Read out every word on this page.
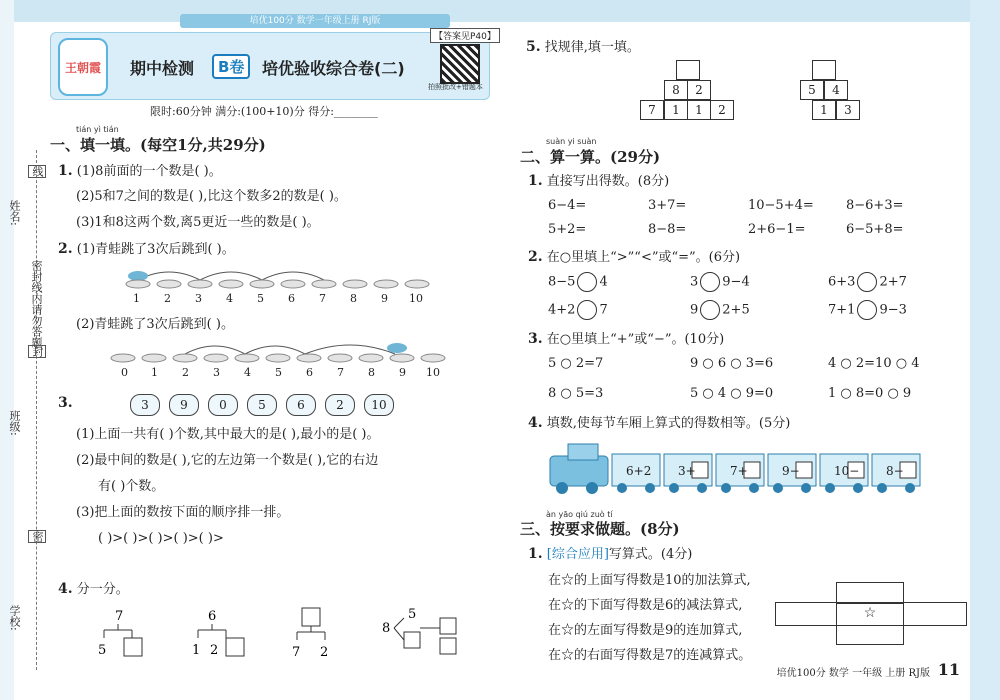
培优100分 数学一年级上册 RJ版
姓名:
班级:
学校:
线
密封线内请勿答题
封
密
王朝霞 期中检测	B卷	培优验收综合卷(二)
【答案见P40】
拍照批改+错题本
限时:60分钟 满分:(100+10)分 得分:________
tián yì tián
一、填一填。(每空1分,共29分)
1. (1)8前面的一个数是( )。
(2)5和7之间的数是( ),比这个数多2的数是( )。
(3)1和8这两个数,离5更近一些的数是( )。
2. (1)青蛙跳了3次后跳到( )。
1 2 3 4 5 6 7 8 9 10
(2)青蛙跳了3次后跳到( )。
0 1 2 3 4 5 6 7 8 9 10
3.	3	9	0	5	6	2	10
(1)上面一共有( )个数,其中最大的是( ),最小的是( )。
(2)最中间的数是( ),它的左边第一个数是( ),它的右边
有( )个数。
(3)把上面的数按下面的顺序排一排。
( )>( )>( )>( )>( )>
4. 分一分。
7
5
6
1 2	7 2
8
5
5. 找规律,填一填。
8	2
7	1	1	2
5	4
1	3
suàn yi suàn
二、算一算。(29分)
1. 直接写出得数。(8分)
6−4=	3+7=	10−5+4= 8−6+3=
5+2=	8−8=	2+6−1=	6−5+8=
2. 在○里填上“>”“<”或“=”。(6分)
8−5 4	3 9−4	6+3 2+7
4+2 7	9 2+5	7+1 9−3
3. 在○里填上“+”或“−”。(10分)
5 ○ 2=7	9 ○ 6 ○ 3=6	4 ○ 2=10 ○ 4
8 ○ 5=3	5 ○ 4 ○ 9=0	1 ○ 8=0 ○ 9
4. 填数,使每节车厢上算式的得数相等。(5分)
6+2 3+	7+	9−	10− 8−
àn yāo qiú zuò tí
三、按要求做题。(8分)
1. [综合应用]写算式。(4分)
在☆的上面写得数是10的加法算式,
在☆的下面写得数是6的减法算式,
在☆的左面写得数是9的连加算式,
在☆的右面写得数是7的连减算式。
☆
培优100分 数学 一年级 上册 RJ版 11
